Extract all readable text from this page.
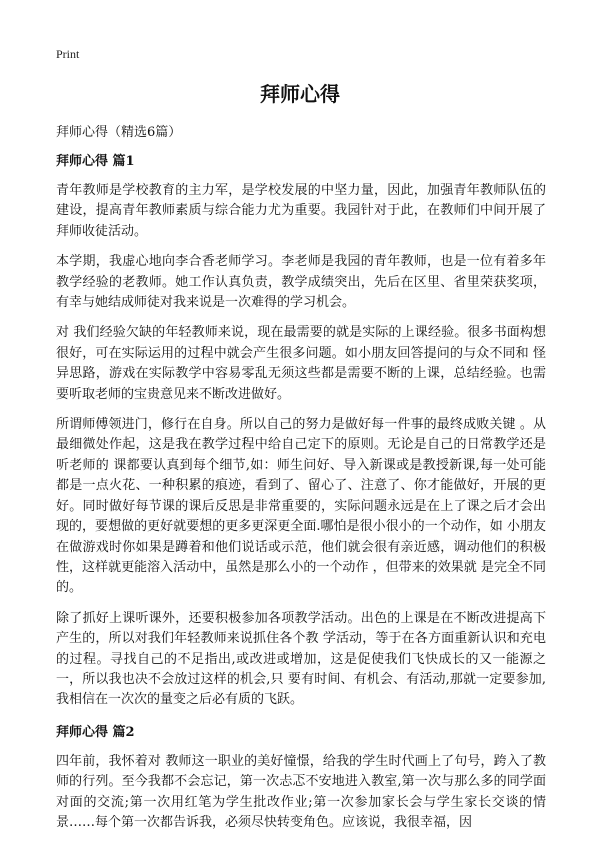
Print
拜师心得
拜师心得（精选6篇）
拜师心得 篇1

青年教师是学校教育的主力军，是学校发展的中坚力量，因此，加强青年教师队伍的建设，提高青年教师素质与综合能力尤为重要。我园针对于此，在教师们中间开展了拜师收徒活动。

本学期，我虚心地向李合香老师学习。李老师是我园的青年教师，也是一位有着多年教学经验的老教师。她工作认真负责，教学成绩突出，先后在区里、省里荣获奖项，有幸与她结成师徒对我来说是一次难得的学习机会。

对 我们经验欠缺的年轻教师来说，现在最需要的就是实际的上课经验。很多书面构想很好，可在实际运用的过程中就会产生很多问题。如小朋友回答提问的与众不同和 怪异思路，游戏在实际教学中容易零乱无须这些都是需要不断的上课，总结经验。也需要听取老师的宝贵意见来不断改进做好。

所谓师傅领进门，修行在自身。所以自己的努力是做好每一件事的最终成败关键 。从最细微处作起，这是我在教学过程中给自己定下的原则。无论是自己的日常教学还是听老师的 课都要认真到每个细节,如：师生问好、导入新课或是教授新课,每一处可能都是一点火花、一种积累的痕迹，看到了、留心了、注意了、你才能做好，开展的更 好。同时做好每节课的课后反思是非常重要的，实际问题永远是在上了课之后才会出现的，要想做的更好就要想的更多更深更全面.哪怕是很小很小的一个动作，如 小朋友在做游戏时你如果是蹲着和他们说话或示范，他们就会很有亲近感，调动他们的积极性，这样就更能溶入活动中，虽然是那么小的一个动作 ，但带来的效果就 是完全不同的。

除了抓好上课听课外，还要积极参加各项教学活动。出色的上课是在不断改进提高下产生的，所以对我们年轻教师来说抓住各个教 学活动，等于在各方面重新认识和充电的过程。寻找自己的不足指出,或改进或增加，这是促使我们飞快成长的又一能源之一，所以我也决不会放过这样的机会,只 要有时间、有机会、有活动,那就一定要参加,我相信在一次次的量变之后必有质的飞跃。

拜师心得 篇2

四年前，我怀着对 教师这一职业的美好憧憬，给我的学生时代画上了句号，跨入了教师的行列。至今我都不会忘记，第一次忐忑不安地进入教室,第一次与那么多的同学面对面的交流;第一次用红笔为学生批改作业;第一次参加家长会与学生家长交谈的情景……每个第一次都告诉我，必须尽快转变角色。应该说，我很幸福，因
